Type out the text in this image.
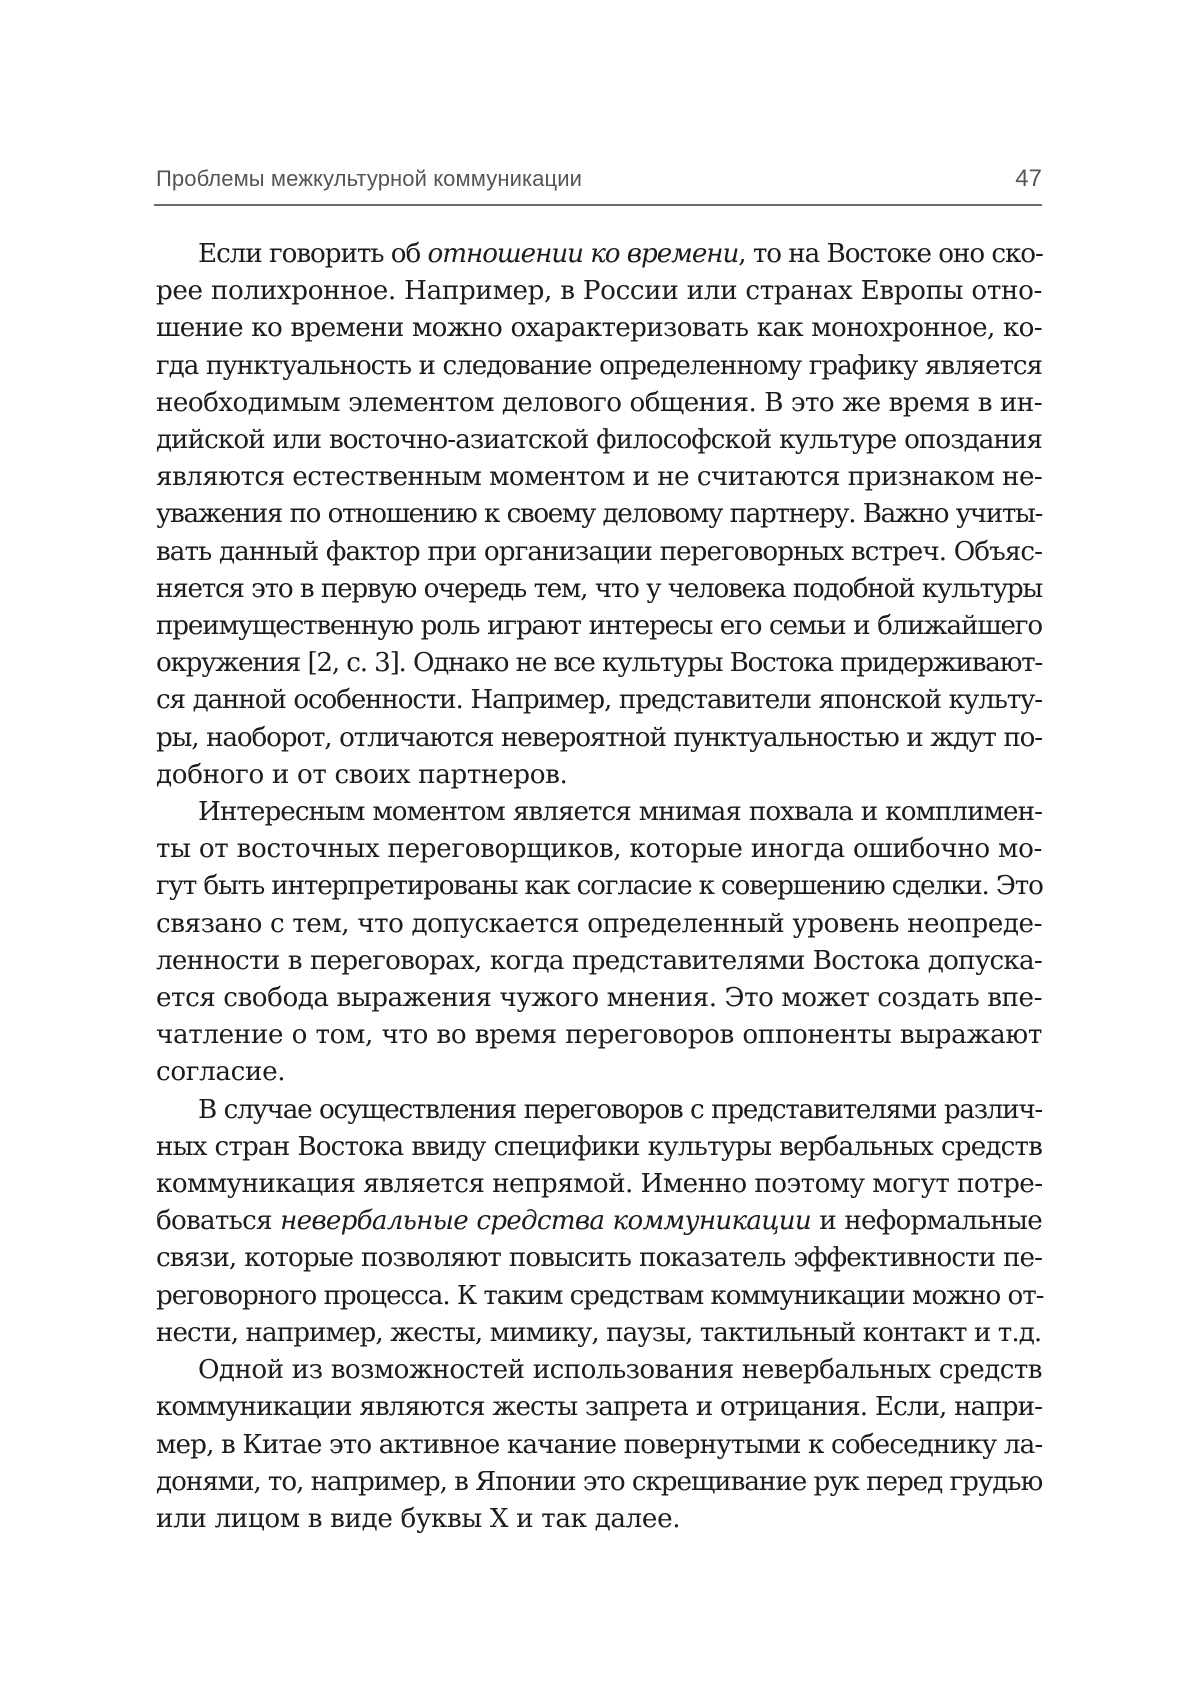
Проблемы межкультурной коммуникации	47
Если говорить об отношении ко времени, то на Востоке оно ско-
рее полихронное. Например, в России или странах Европы отно-
шение ко времени можно охарактеризовать как монохронное, ко-
гда пунктуальность и следование определенному графику является
необходимым элементом делового общения. В это же время в ин-
дийской или восточно-азиатской философской культуре опоздания
являются естественным моментом и не считаются признаком не-
уважения по отношению к своему деловому партнеру. Важно учиты-
вать данный фактор при организации переговорных встреч. Объяс-
няется это в первую очередь тем, что у человека подобной культуры
преимущественную роль играют интересы его семьи и ближайшего
окружения [2, с. 3]. Однако не все культуры Востока придерживают-
ся данной особенности. Например, представители японской культу-
ры, наоборот, отличаются невероятной пунктуальностью и ждут по-
добного и от своих партнеров.
Интересным моментом является мнимая похвала и комплимен-
ты от восточных переговорщиков, которые иногда ошибочно мо-
гут быть интерпретированы как согласие к совершению сделки. Это
связано с тем, что допускается определенный уровень неопреде-
ленности в переговорах, когда представителями Востока допуска-
ется свобода выражения чужого мнения. Это может создать впе-
чатление о том, что во время переговоров оппоненты выражают
согласие.
В случае осуществления переговоров с представителями различ-
ных стран Востока ввиду специфики культуры вербальных средств
коммуникация является непрямой. Именно поэтому могут потре-
боваться невербальные средства коммуникации и неформальные
связи, которые позволяют повысить показатель эффективности пе-
реговорного процесса. К таким средствам коммуникации можно от-
нести, например, жесты, мимику, паузы, тактильный контакт и т.д.
Одной из возможностей использования невербальных средств
коммуникации являются жесты запрета и отрицания. Если, напри-
мер, в Китае это активное качание повернутыми к собеседнику ла-
донями, то, например, в Японии это скрещивание рук перед грудью
или лицом в виде буквы X и так далее.
